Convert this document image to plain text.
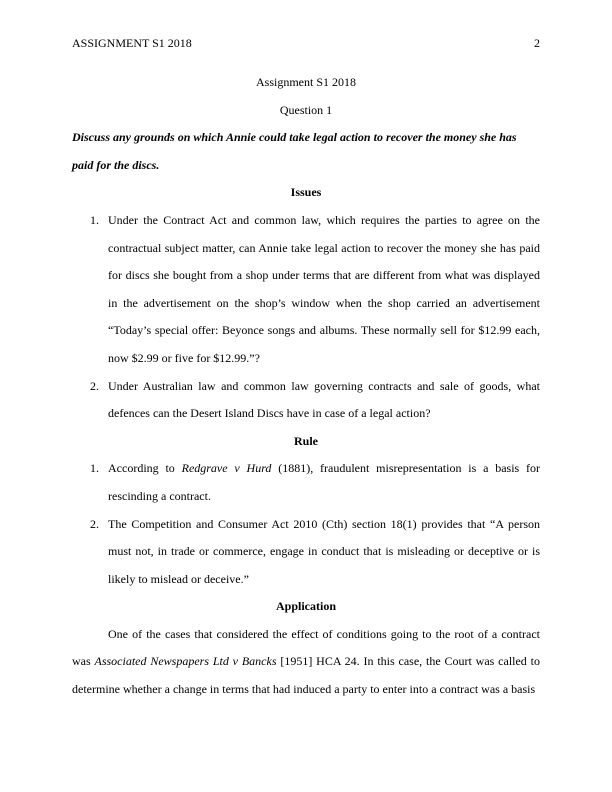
ASSIGNMENT S1 2018	2

Assignment S1 2018

Question 1

Discuss any grounds on which Annie could take legal action to recover the money she has paid for the discs.

Issues

1. Under the Contract Act and common law, which requires the parties to agree on the contractual subject matter, can Annie take legal action to recover the money she has paid for discs she bought from a shop under terms that are different from what was displayed in the advertisement on the shop’s window when the shop carried an advertisement “Today’s special offer: Beyonce songs and albums. These normally sell for $12.99 each, now $2.99 or five for $12.99.”?
2. Under Australian law and common law governing contracts and sale of goods, what defences can the Desert Island Discs have in case of a legal action?

Rule

1. According to Redgrave v Hurd (1881), fraudulent misrepresentation is a basis for rescinding a contract.
2. The Competition and Consumer Act 2010 (Cth) section 18(1) provides that “A person must not, in trade or commerce, engage in conduct that is misleading or deceptive or is likely to mislead or deceive.”

Application

One of the cases that considered the effect of conditions going to the root of a contract was Associated Newspapers Ltd v Bancks [1951] HCA 24. In this case, the Court was called to determine whether a change in terms that had induced a party to enter into a contract was a basis
